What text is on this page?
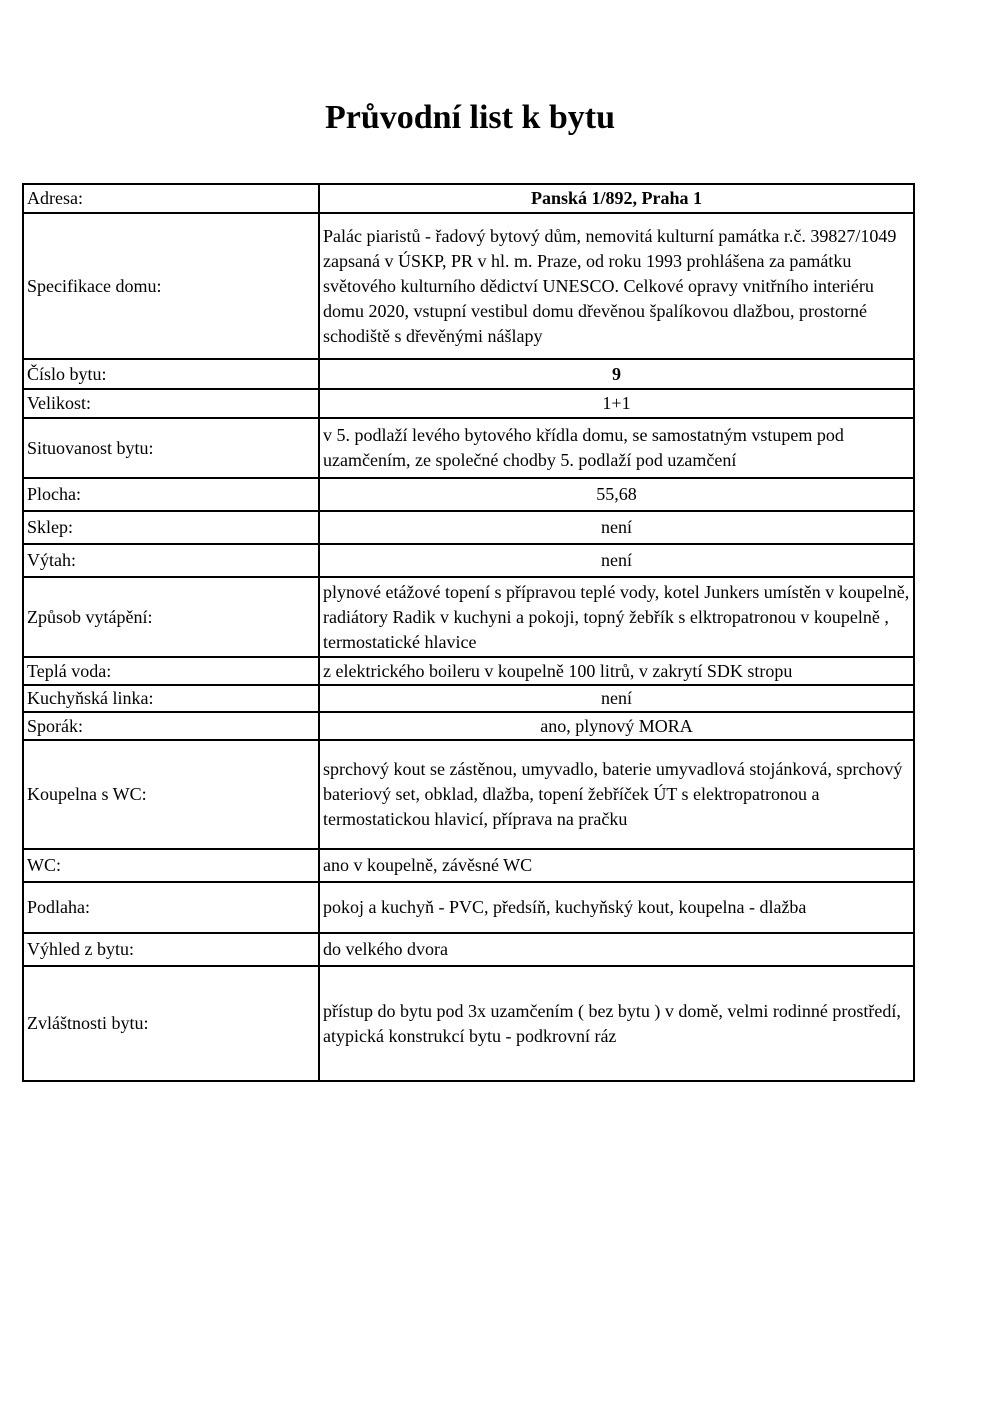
Průvodní list k bytu
Adresa:	Panská 1/892, Praha 1
Specifikace domu:	Palác piaristů - řadový bytový dům, nemovitá kulturní památka r.č. 39827/1049 zapsaná v ÚSKP, PR v hl. m. Praze, od roku 1993 prohlášena za památku světového kulturního dědictví UNESCO. Celkové opravy vnitřního interiéru domu 2020, vstupní vestibul domu dřevěnou špalíkovou dlažbou, prostorné schodiště s dřevěnými nášlapy
Číslo bytu:	9
Velikost:	1+1
Situovanost bytu:	v 5. podlaží levého bytového křídla domu, se samostatným vstupem pod uzamčením, ze společné chodby 5. podlaží pod uzamčení
Plocha:	55,68
Sklep:	není
Výtah:	není
Způsob vytápění:	plynové etážové topení s přípravou teplé vody, kotel Junkers umístěn v koupelně, radiátory Radik v kuchyni a pokoji, topný žebřík s elktropatronou v koupelně , termostatické hlavice
Teplá voda:	z elektrického boileru v koupelně 100 litrů, v zakrytí SDK stropu
Kuchyňská linka:	není
Sporák:	ano, plynový MORA
Koupelna s WC:	sprchový kout se zástěnou, umyvadlo, baterie umyvadlová stojánková, sprchový bateriový set, obklad, dlažba, topení žebříček ÚT s elektropatronou a termostatickou hlavicí, příprava na pračku
WC:	ano v koupelně, závěsné WC
Podlaha:	pokoj a kuchyň - PVC, předsíň, kuchyňský kout, koupelna - dlažba
Výhled z bytu:	do velkého dvora
Zvláštnosti bytu:	přístup do bytu pod 3x uzamčením ( bez bytu ) v domě, velmi rodinné prostředí, atypická konstrukcí bytu - podkrovní ráz
